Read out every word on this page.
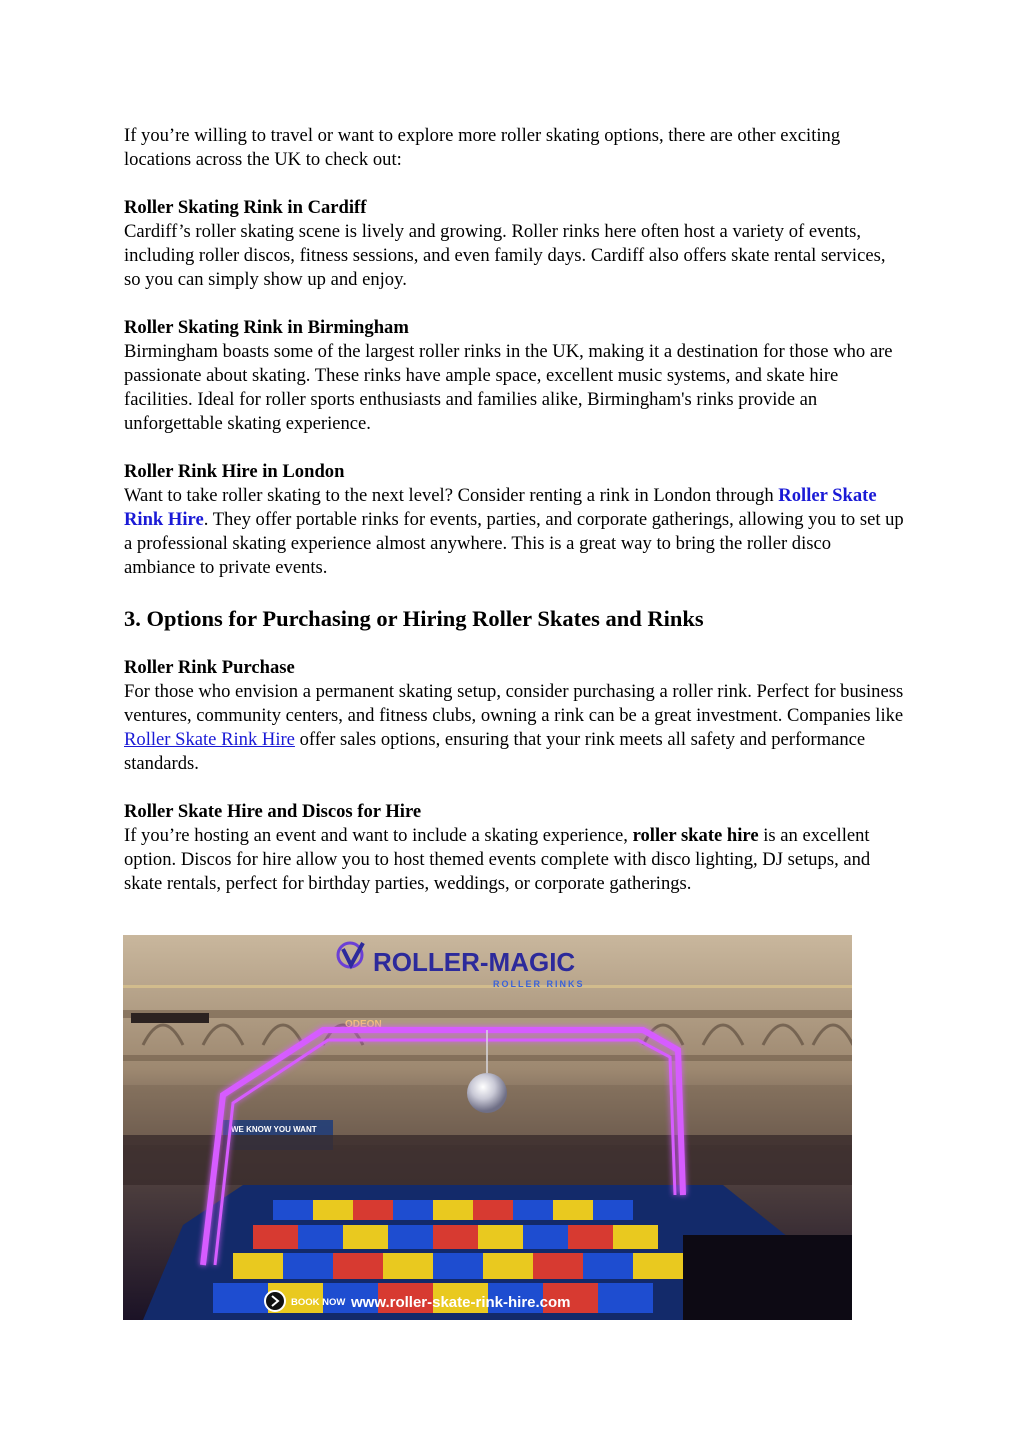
If you’re willing to travel or want to explore more roller skating options, there are other exciting locations across the UK to check out:

Roller Skating Rink in Cardiff

Cardiff’s roller skating scene is lively and growing. Roller rinks here often host a variety of events, including roller discos, fitness sessions, and even family days. Cardiff also offers skate rental services, so you can simply show up and enjoy.

Roller Skating Rink in Birmingham

Birmingham boasts some of the largest roller rinks in the UK, making it a destination for those who are passionate about skating. These rinks have ample space, excellent music systems, and skate hire facilities. Ideal for roller sports enthusiasts and families alike, Birmingham's rinks provide an unforgettable skating experience.

Roller Rink Hire in London

Want to take roller skating to the next level? Consider renting a rink in London through Roller Skate Rink Hire. They offer portable rinks for events, parties, and corporate gatherings, allowing you to set up a professional skating experience almost anywhere. This is a great way to bring the roller disco ambiance to private events.

3. Options for Purchasing or Hiring Roller Skates and Rinks

Roller Rink Purchase

For those who envision a permanent skating setup, consider purchasing a roller rink. Perfect for business ventures, community centers, and fitness clubs, owning a rink can be a great investment. Companies like Roller Skate Rink Hire offer sales options, ensuring that your rink meets all safety and performance standards.

Roller Skate Hire and Discos for Hire

If you’re hosting an event and want to include a skating experience, roller skate hire is an excellent option. Discos for hire allow you to host themed events complete with disco lighting, DJ setups, and skate rentals, perfect for birthday parties, weddings, or corporate gatherings.

ODEON
WE KNOW YOU WANT
ROLLER-MAGIC
ROLLER RINKS
BOOK NOW www.roller-skate-rink-hire.com
